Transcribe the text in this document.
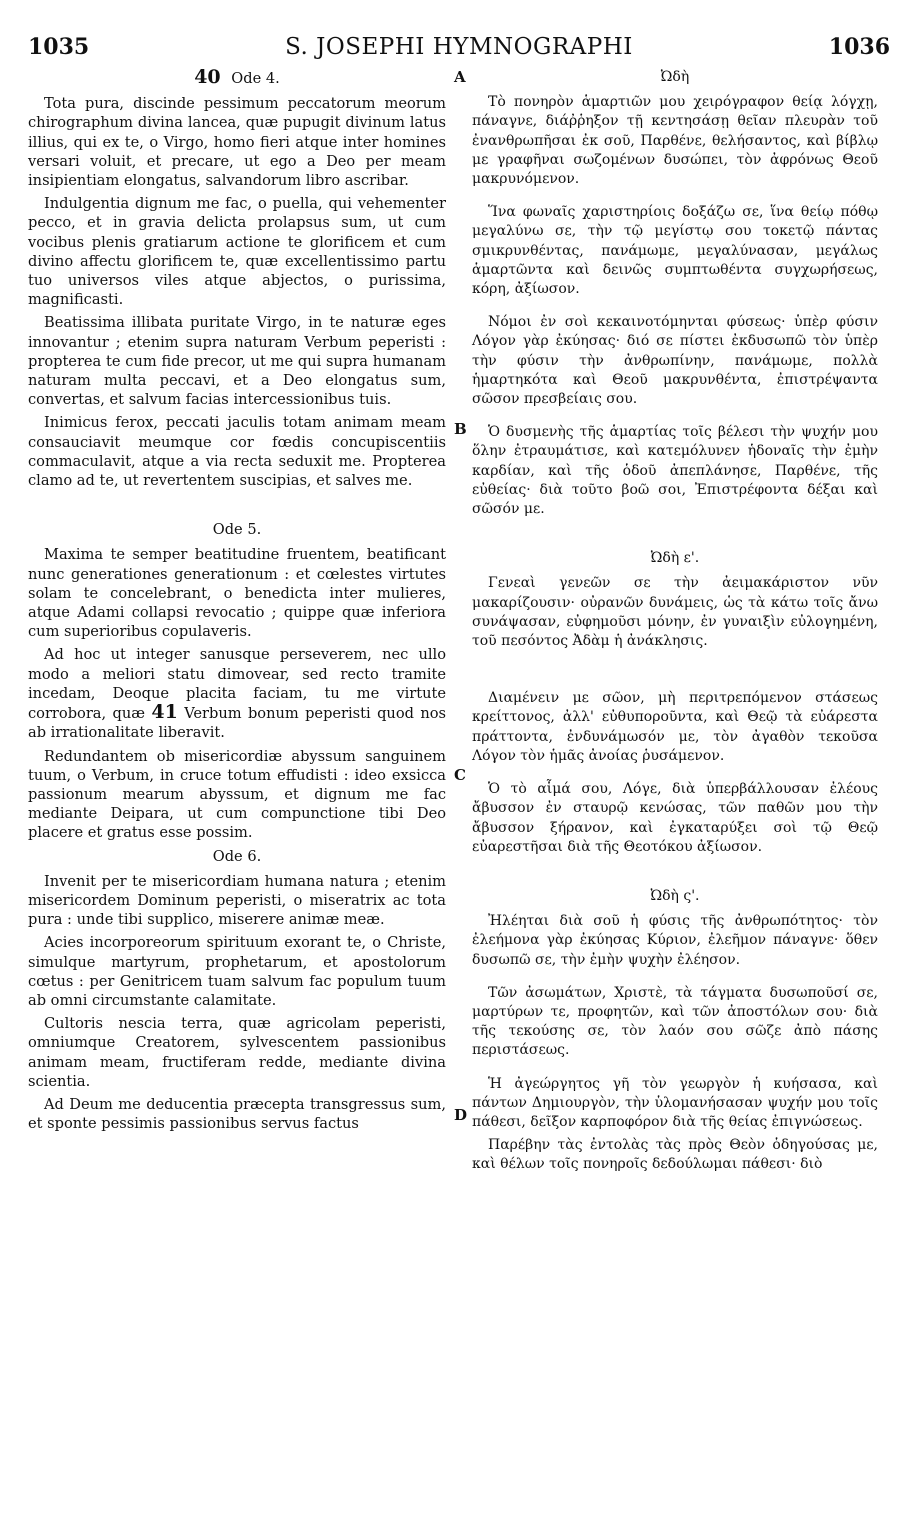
1035	S. JOSEPHI HYMNOGRAPHI	1036
A
B
C
D
40 Ode 4.

Tota pura, discinde pessimum peccatorum meorum chirographum divina lancea, quæ pupugit divinum latus illius, qui ex te, o Virgo, homo fieri atque inter homines versari voluit, et precare, ut ego a Deo per meam insipientiam elongatus, salvandorum libro ascribar.

Indulgentia dignum me fac, o puella, qui vehementer pecco, et in gravia delicta prolapsus sum, ut cum vocibus plenis gratiarum actione te glorificem et cum divino affectu glorificem te, quæ excellentissimo partu tuo universos viles atque abjectos, o purissima, magnificasti.

Beatissima illibata puritate Virgo, in te naturæ eges innovantur ; etenim supra naturam Verbum peperisti : propterea te cum fide precor, ut me qui supra humanam naturam multa peccavi, et a Deo elongatus sum, convertas, et salvum facias intercessionibus tuis.

Inimicus ferox, peccati jaculis totam animam meam consauciavit meumque cor fœdis concupiscentiis commaculavit, atque a via recta seduxit me. Propterea clamo ad te, ut revertentem suscipias, et salves me.

Ode 5.

Maxima te semper beatitudine fruentem, beatificant nunc generationes generationum : et cœlestes virtutes solam te concelebrant, o benedicta inter mulieres, atque Adami collapsi revocatio ; quippe quæ inferiora cum superioribus copulaveris.

Ad hoc ut integer sanusque perseverem, nec ullo modo a meliori statu dimovear, sed recto tramite incedam, Deoque placita faciam, tu me virtute corrobora, quæ 41 Verbum bonum peperisti quod nos ab irrationalitate liberavit.

Redundantem ob misericordiæ abyssum sanguinem tuum, o Verbum, in cruce totum effudisti : ideo exsicca passionum mearum abyssum, et dignum me fac mediante Deipara, ut cum compunctione tibi Deo placere et gratus esse possim.

Ode 6.

Invenit per te misericordiam humana natura ; etenim misericordem Dominum peperisti, o miseratrix ac tota pura : unde tibi supplico, miserere animæ meæ.

Acies incorporeorum spirituum exorant te, o Christe, simulque martyrum, prophetarum, et apostolorum cœtus : per Genitricem tuam salvum fac populum tuum ab omni circumstante calamitate.

Cultoris nescia terra, quæ agricolam peperisti, omniumque Creatorem, sylvescentem passionibus animam meam, fructiferam redde, mediante divina scientia.

Ad Deum me deducentia præcepta transgressus sum, et sponte pessimis passionibus servus factus

Ὠδὴ

Τὸ πονηρὸν ἁμαρτιῶν μου χειρόγραφον θείᾳ λόγχῃ, πάναγνε, διάῤῥηξον τῇ κεντησάσῃ θεῖαν πλευρὰν τοῦ ἐνανθρωπῆσαι ἐκ σοῦ, Παρθένε, θελήσαντος, καὶ βίβλῳ με γραφῆναι σωζομένων δυσώπει, τὸν ἀφρόνως Θεοῦ μακρυνόμενον.

Ἵνα φωναῖς χαριστηρίοις δοξάζω σε, ἵνα θείῳ πόθῳ μεγαλύνω σε, τὴν τῷ μεγίστῳ σου τοκετῷ πάντας σμικρυνθέντας, πανάμωμε, μεγαλύνασαν, μεγάλως ἁμαρτῶντα καὶ δεινῶς συμπτωθέντα συγχωρήσεως, κόρη, ἀξίωσον.

Νόμοι ἐν σοὶ κεκαινοτόμηνται φύσεως· ὑπὲρ φύσιν Λόγον γὰρ ἐκύησας· διό σε πίστει ἐκδυσωπῶ τὸν ὑπὲρ τὴν φύσιν τὴν ἀνθρωπίνην, πανάμωμε, πολλὰ ἡμαρτηκότα καὶ Θεοῦ μακρυνθέντα, ἐπιστρέψαντα σῶσον πρεσβείαις σου.

Ὁ δυσμενὴς τῆς ἁμαρτίας τοῖς βέλεσι τὴν ψυχήν μου ὅλην ἐτραυμάτισε, καὶ κατεμόλυνεν ἡδοναῖς τὴν ἐμὴν καρδίαν, καὶ τῆς ὁδοῦ ἀπεπλάνησε, Παρθένε, τῆς εὐθείας· διὰ τοῦτο βοῶ σοι, Ἐπιστρέφοντα δέξαι καὶ σῶσόν με.

Ὠδὴ ε'.

Γενεαὶ γενεῶν σε τὴν ἀειμακάριστον νῦν μακαρίζουσιν· οὐρανῶν δυνάμεις, ὡς τὰ κάτω τοῖς ἄνω συνάψασαν, εὐφημοῦσι μόνην, ἐν γυναιξὶν εὐλογημένη, τοῦ πεσόντος Ἀδὰμ ἡ ἀνάκλησις.

Διαμένειν με σῶον, μὴ περιτρεπόμενον στάσεως κρείττονος, ἀλλ' εὐθυποροῦντα, καὶ Θεῷ τὰ εὐάρεστα πράττοντα, ἐνδυνάμωσόν με, τὸν ἀγαθὸν τεκοῦσα Λόγον τὸν ἡμᾶς ἀνοίας ῥυσάμενον.

Ὁ τὸ αἷμά σου, Λόγε, διὰ ὑπερβάλλουσαν ἐλέους ἄβυσσον ἐν σταυρῷ κενώσας, τῶν παθῶν μου τὴν ἄβυσσον ξήρανον, καὶ ἐγκαταρύξει σοὶ τῷ Θεῷ εὐαρεστῆσαι διὰ τῆς Θεοτόκου ἀξίωσον.

Ὠδὴ ς'.

Ἠλέηται διὰ σοῦ ἡ φύσις τῆς ἀνθρωπότητος· τὸν ἐλεήμονα γὰρ ἐκύησας Κύριον, ἐλεῆμον πάναγνε· ὅθεν δυσωπῶ σε, τὴν ἐμὴν ψυχὴν ἐλέησον.

Τῶν ἀσωμάτων, Χριστὲ, τὰ τάγματα δυσωποῦσί σε, μαρτύρων τε, προφητῶν, καὶ τῶν ἀποστόλων σου· διὰ τῆς τεκούσης σε, τὸν λαόν σου σῶζε ἀπὸ πάσης περιστάσεως.

Ἡ ἀγεώργητος γῆ τὸν γεωργὸν ἡ κυήσασα, καὶ πάντων Δημιουργὸν, τὴν ὑλομανήσασαν ψυχήν μου τοῖς πάθεσι, δεῖξον καρποφόρον διὰ τῆς θείας ἐπιγνώσεως.

Παρέβην τὰς ἐντολὰς τὰς πρὸς Θεὸν ὁδηγούσας με, καὶ θέλων τοῖς πονηροῖς δεδούλωμαι πάθεσι· διὸ
